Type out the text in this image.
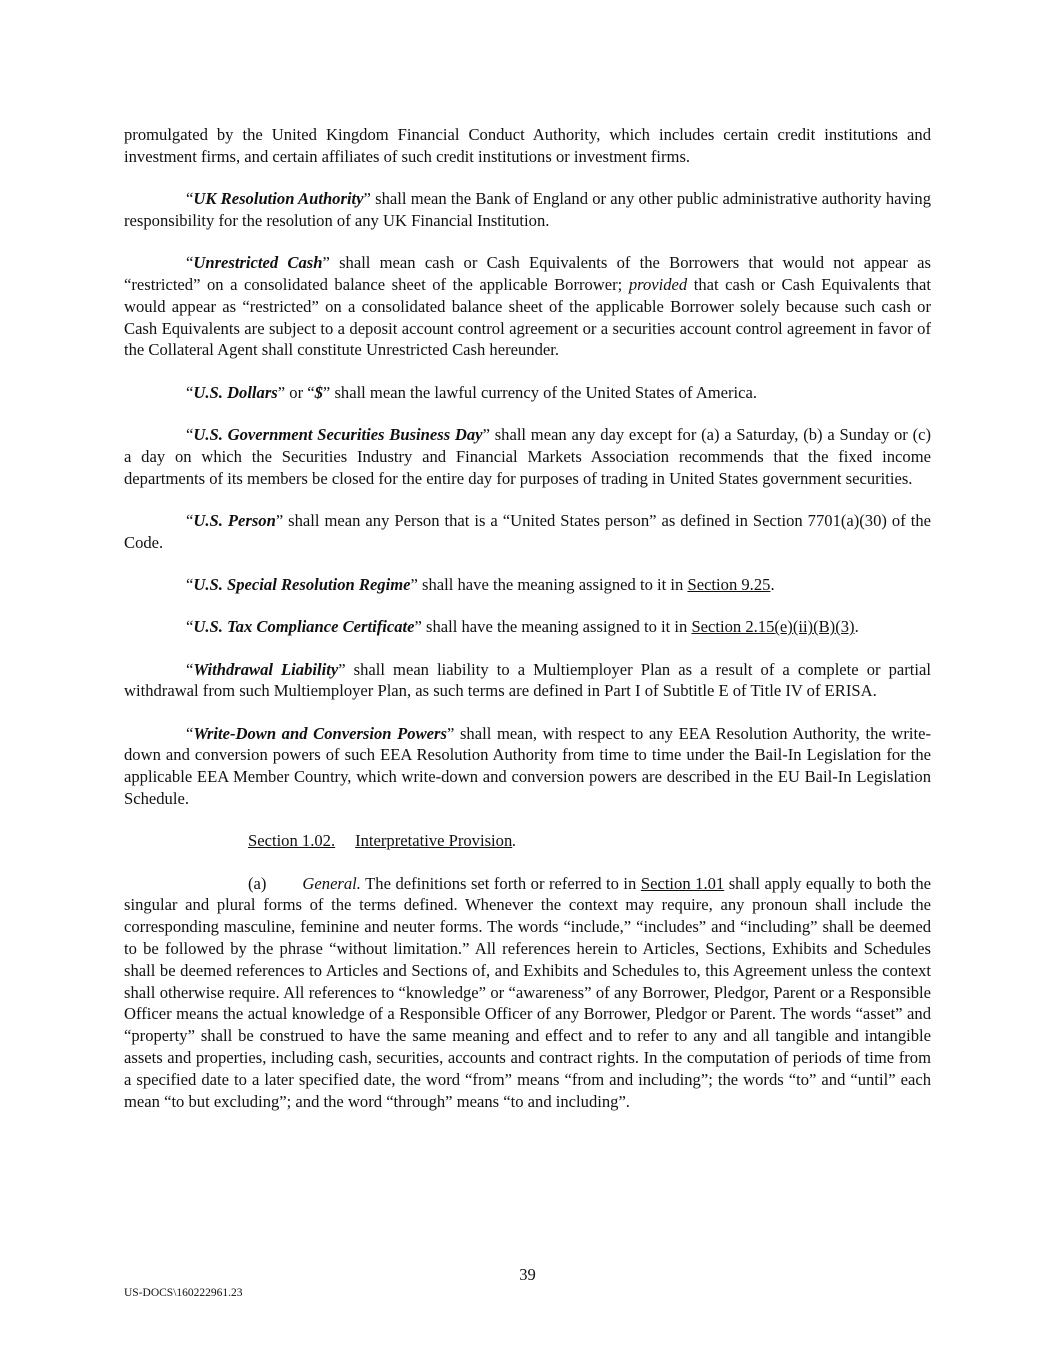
promulgated by the United Kingdom Financial Conduct Authority, which includes certain credit institutions and investment firms, and certain affiliates of such credit institutions or investment firms.

“UK Resolution Authority” shall mean the Bank of England or any other public administrative authority having responsibility for the resolution of any UK Financial Institution.

“Unrestricted Cash” shall mean cash or Cash Equivalents of the Borrowers that would not appear as “restricted” on a consolidated balance sheet of the applicable Borrower; provided that cash or Cash Equivalents that would appear as “restricted” on a consolidated balance sheet of the applicable Borrower solely because such cash or Cash Equivalents are subject to a deposit account control agreement or a securities account control agreement in favor of the Collateral Agent shall constitute Unrestricted Cash hereunder.

“U.S. Dollars” or “$” shall mean the lawful currency of the United States of America.

“U.S. Government Securities Business Day” shall mean any day except for (a) a Saturday, (b) a Sunday or (c) a day on which the Securities Industry and Financial Markets Association recommends that the fixed income departments of its members be closed for the entire day for purposes of trading in United States government securities.

“U.S. Person” shall mean any Person that is a “United States person” as defined in Section 7701(a)(30) of the Code.

“U.S. Special Resolution Regime” shall have the meaning assigned to it in Section 9.25.

“U.S. Tax Compliance Certificate” shall have the meaning assigned to it in Section 2.15(e)(ii)(B)(3).

“Withdrawal Liability” shall mean liability to a Multiemployer Plan as a result of a complete or partial withdrawal from such Multiemployer Plan, as such terms are defined in Part I of Subtitle E of Title IV of ERISA.

“Write-Down and Conversion Powers” shall mean, with respect to any EEA Resolution Authority, the write-down and conversion powers of such EEA Resolution Authority from time to time under the Bail-In Legislation for the applicable EEA Member Country, which write-down and conversion powers are described in the EU Bail-In Legislation Schedule.

Section 1.02. Interpretative Provision.

(a) General. The definitions set forth or referred to in Section 1.01 shall apply equally to both the singular and plural forms of the terms defined. Whenever the context may require, any pronoun shall include the corresponding masculine, feminine and neuter forms. The words “include,” “includes” and “including” shall be deemed to be followed by the phrase “without limitation.” All references herein to Articles, Sections, Exhibits and Schedules shall be deemed references to Articles and Sections of, and Exhibits and Schedules to, this Agreement unless the context shall otherwise require. All references to “knowledge” or “awareness” of any Borrower, Pledgor, Parent or a Responsible Officer means the actual knowledge of a Responsible Officer of any Borrower, Pledgor or Parent. The words “asset” and “property” shall be construed to have the same meaning and effect and to refer to any and all tangible and intangible assets and properties, including cash, securities, accounts and contract rights. In the computation of periods of time from a specified date to a later specified date, the word “from” means “from and including”; the words “to” and “until” each mean “to but excluding”; and the word “through” means “to and including”.

39
US-DOCS\160222961.23
